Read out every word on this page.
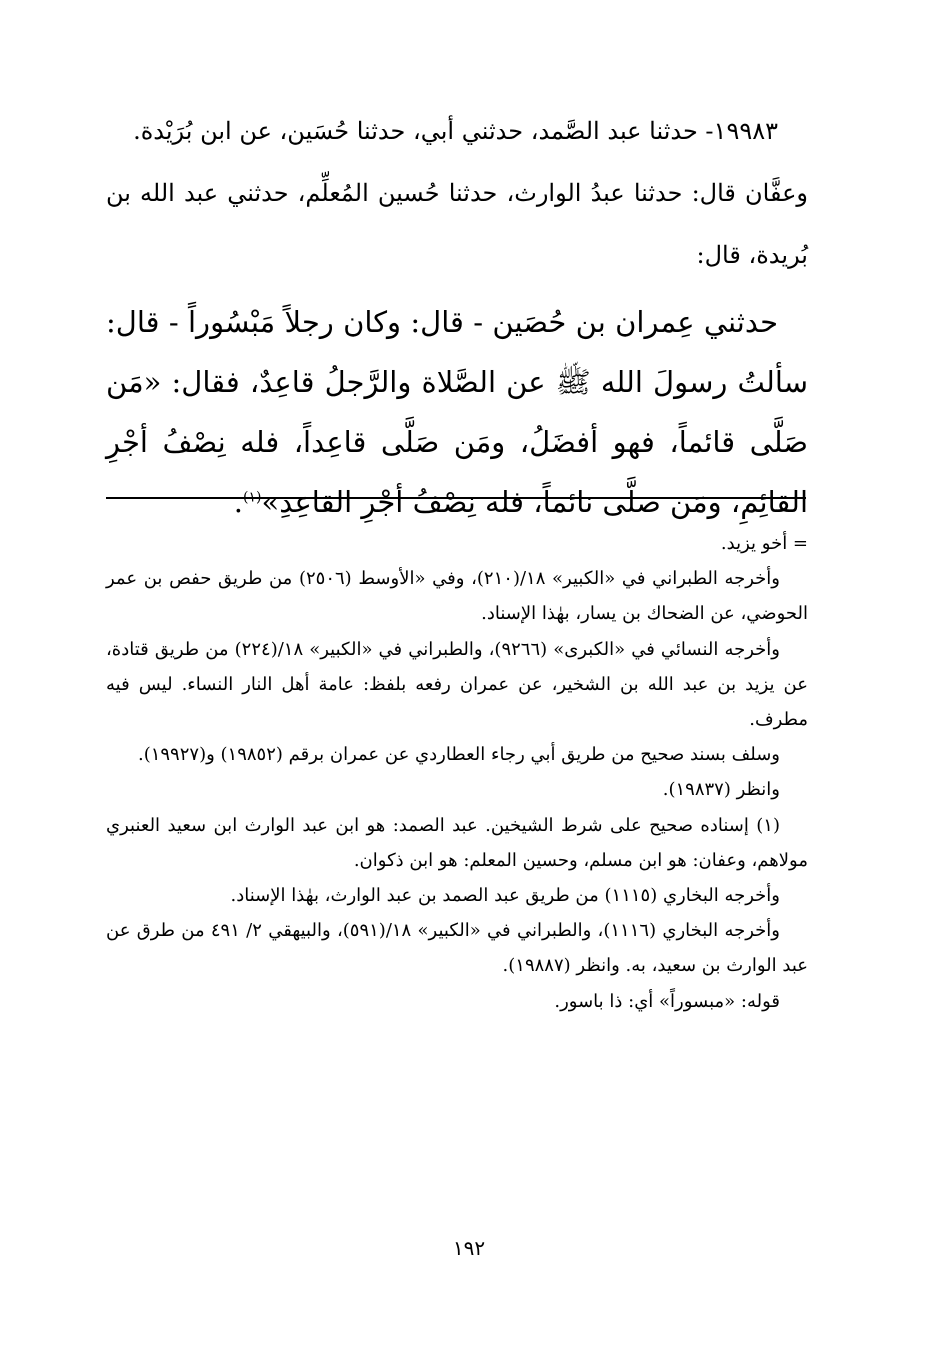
١٩٩٨٣- حدثنا عبد الصَّمد، حدثني أبي، حدثنا حُسَين، عن ابن بُرَيْدة.

وعفَّان قال: حدثنا عبدُ الوارث، حدثنا حُسين المُعلِّم، حدثني عبد الله بن بُريدة، قال:

حدثني عِمران بن حُصَين - قال: وكان رجلاً مَبْسُوراً - قال: سألتُ رسولَ الله ﷺ عن الصَّلاة والرَّجلُ قاعِدٌ، فقال: «مَن صَلَّى قائماً، فهو أفضَلُ، ومَن صَلَّى قاعِداً، فله نِصْفُ أجْرِ القائِمِ، ومَن صلَّى نائماً، فله نِصْفُ أجْرِ القاعِدِ»$^{(١)}$.

= أخو يزيد.

وأخرجه الطبراني في «الكبير» ١٨/(٢١٠)، وفي «الأوسط (٢٥٠٦) من طريق حفص بن عمر الحوضي، عن الضحاك بن يسار، بهٰذا الإسناد.

وأخرجه النسائي في «الكبرى» (٩٢٦٦)، والطبراني في «الكبير» ١٨/(٢٢٤) من طريق قتادة، عن يزيد بن عبد الله بن الشخير، عن عمران رفعه بلفظ: عامة أهل النار النساء. ليس فيه مطرف.

وسلف بسند صحيح من طريق أبي رجاء العطاردي عن عمران برقم (١٩٨٥٢) و(١٩٩٢٧).

وانظر (١٩٨٣٧).

(١) إسناده صحيح على شرط الشيخين. عبد الصمد: هو ابن عبد الوارث ابن سعيد العنبري مولاهم، وعفان: هو ابن مسلم، وحسين المعلم: هو ابن ذكوان.

وأخرجه البخاري (١١١٥) من طريق عبد الصمد بن عبد الوارث، بهٰذا الإسناد.

وأخرجه البخاري (١١١٦)، والطبراني في «الكبير» ١٨/(٥٩١)، والبيهقي ٢/ ٤٩١ من طرق عن عبد الوارث بن سعيد، به. وانظر (١٩٨٨٧).

قوله: «مبسوراً» أي: ذا باسور.

١٩٢
